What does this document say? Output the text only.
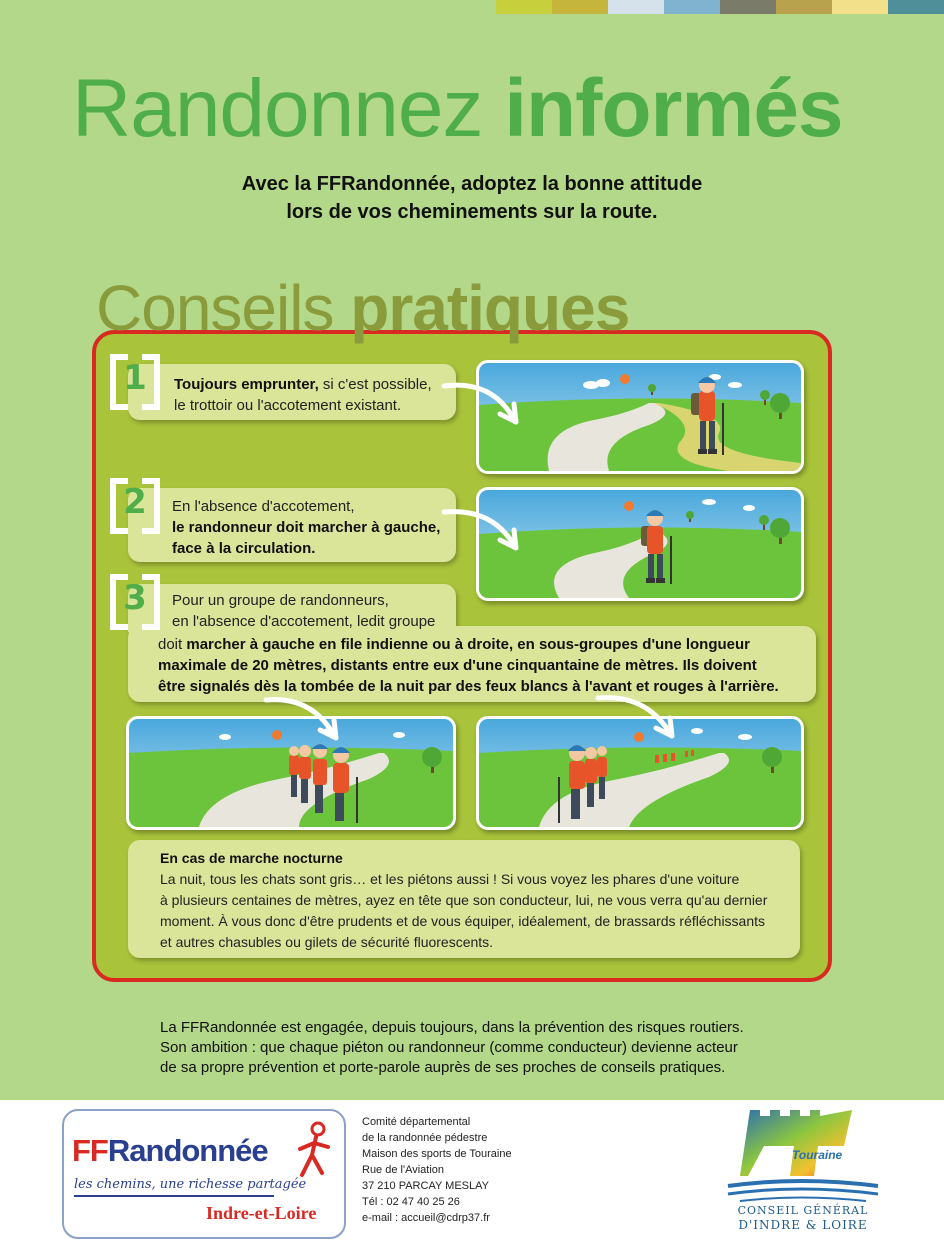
Randonnez informés
Avec la FFRandonnée, adoptez la bonne attitude
lors de vos cheminements sur la route.
Conseils pratiques
Toujours emprunter, si c'est possible,
le trottoir ou l'accotement existant.
1
En l'absence d'accotement,
le randonneur doit marcher à gauche,
face à la circulation.
2
Pour un groupe de randonneurs,
en l'absence d'accotement, ledit groupe
doit marcher à gauche en file indienne ou à droite, en sous-groupes d'une longueur
maximale de 20 mètres, distants entre eux d'une cinquantaine de mètres. Ils doivent
être signalés dès la tombée de la nuit par des feux blancs à l'avant et rouges à l'arrière.
3
En cas de marche nocturne
La nuit, tous les chats sont gris… et les piétons aussi ! Si vous voyez les phares d'une voiture
à plusieurs centaines de mètres, ayez en tête que son conducteur, lui, ne vous verra qu'au dernier
moment. À vous donc d'être prudents et de vous équiper, idéalement, de brassards réfléchissants
et autres chasubles ou gilets de sécurité fluorescents.
La FFRandonnée est engagée, depuis toujours, dans la prévention des risques routiers.
Son ambition : que chaque piéton ou randonneur (comme conducteur) devienne acteur
de sa propre prévention et porte-parole auprès de ses proches de conseils pratiques.
FFRandonnée
les chemins, une richesse partagée
Indre-et-Loire
Comité départemental
de la randonnée pédestre
Maison des sports de Touraine
Rue de l'Aviation
37 210 PARCAY MESLAY
Tél : 02 47 40 25 26
e-mail : accueil@cdrp37.fr
Touraine
CONSEIL GÉNÉRAL
D'INDRE & LOIRE
